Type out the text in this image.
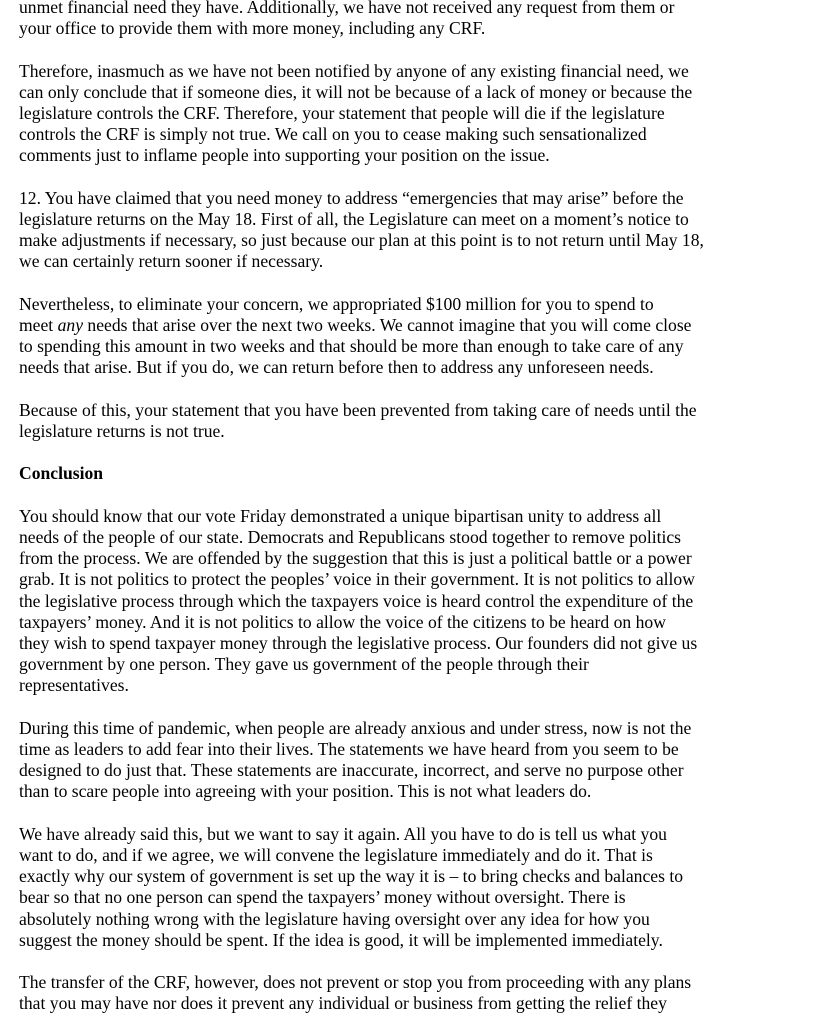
unmet financial need they have. Additionally, we have not received any request from them or
your office to provide them with more money, including any CRF.

Therefore, inasmuch as we have not been notified by anyone of any existing financial need, we
can only conclude that if someone dies, it will not be because of a lack of money or because the
legislature controls the CRF. Therefore, your statement that people will die if the legislature
controls the CRF is simply not true. We call on you to cease making such sensationalized
comments just to inflame people into supporting your position on the issue.

12. You have claimed that you need money to address “emergencies that may arise” before the
legislature returns on the May 18. First of all, the Legislature can meet on a moment’s notice to
make adjustments if necessary, so just because our plan at this point is to not return until May 18,
we can certainly return sooner if necessary.

Nevertheless, to eliminate your concern, we appropriated $100 million for you to spend to
meet any needs that arise over the next two weeks. We cannot imagine that you will come close
to spending this amount in two weeks and that should be more than enough to take care of any
needs that arise. But if you do, we can return before then to address any unforeseen needs.

Because of this, your statement that you have been prevented from taking care of needs until the
legislature returns is not true.

Conclusion

You should know that our vote Friday demonstrated a unique bipartisan unity to address all
needs of the people of our state. Democrats and Republicans stood together to remove politics
from the process. We are offended by the suggestion that this is just a political battle or a power
grab. It is not politics to protect the peoples’ voice in their government. It is not politics to allow
the legislative process through which the taxpayers voice is heard control the expenditure of the
taxpayers’ money. And it is not politics to allow the voice of the citizens to be heard on how
they wish to spend taxpayer money through the legislative process. Our founders did not give us
government by one person. They gave us government of the people through their
representatives.

During this time of pandemic, when people are already anxious and under stress, now is not the
time as leaders to add fear into their lives. The statements we have heard from you seem to be
designed to do just that. These statements are inaccurate, incorrect, and serve no purpose other
than to scare people into agreeing with your position. This is not what leaders do.

We have already said this, but we want to say it again. All you have to do is tell us what you
want to do, and if we agree, we will convene the legislature immediately and do it. That is
exactly why our system of government is set up the way it is – to bring checks and balances to
bear so that no one person can spend the taxpayers’ money without oversight. There is
absolutely nothing wrong with the legislature having oversight over any idea for how you
suggest the money should be spent. If the idea is good, it will be implemented immediately.

The transfer of the CRF, however, does not prevent or stop you from proceeding with any plans
that you may have nor does it prevent any individual or business from getting the relief they
